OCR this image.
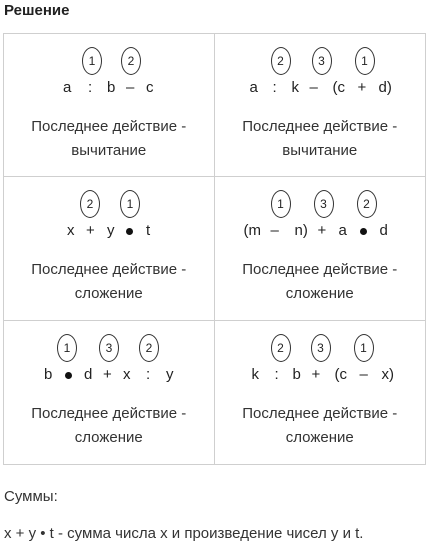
Решение
1	2
a : b – c
Последнее действие -
вычитание
2	3	1
a : k – (c + d)
Последнее действие -
вычитание
2	1
x + y t
Последнее действие -
сложение
1	3	2
(m – n) + a d
Последнее действие -
сложение
1	3	2
b d + x : y
Последнее действие -
сложение
2	3	1
k : b + (c – x)
Последнее действие -
сложение
Суммы:
x + y • t - сумма числа x и произведение чисел y и t.
